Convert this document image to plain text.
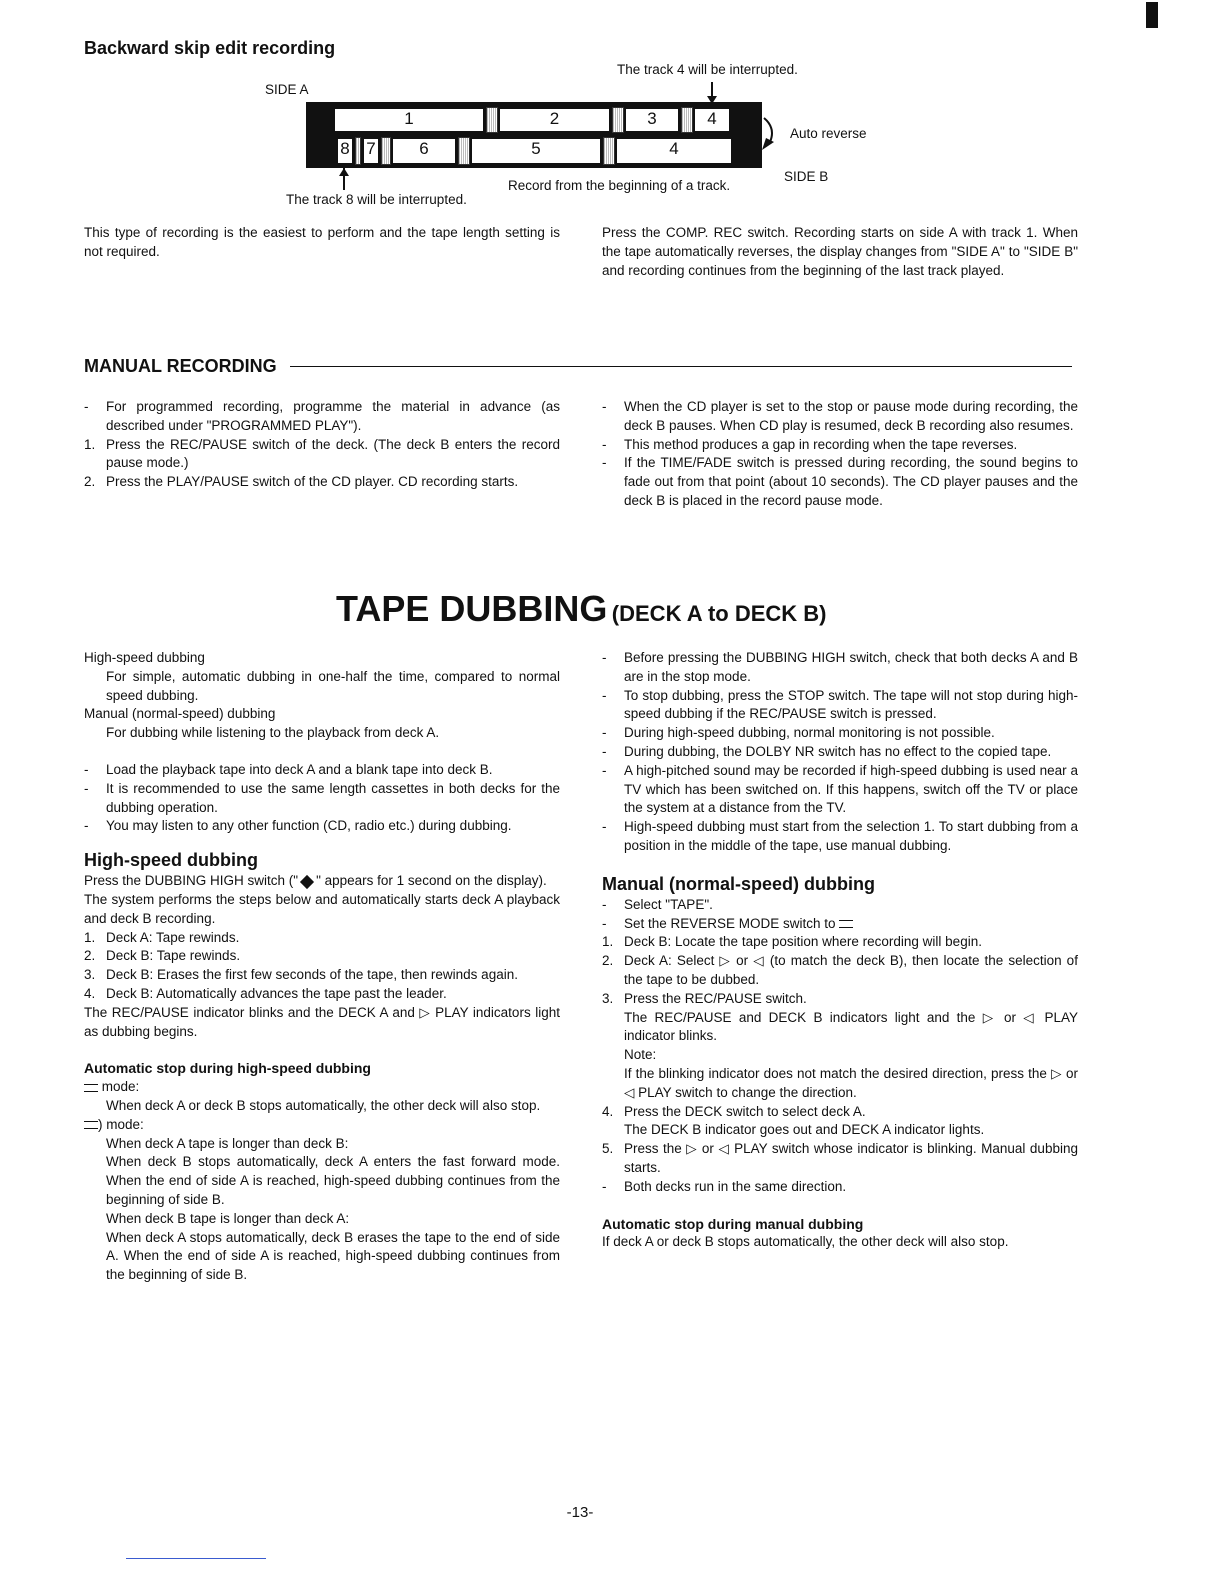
Backward skip edit recording
SIDE A
The track 4 will be interrupted.
1	2	3	4
8 7	6	5	4
Auto reverse
SIDE B
Record from the beginning of a track.
The track 8 will be interrupted.
This type of recording is the easiest to perform and the tape length setting is not required.
Press the COMP. REC switch. Recording starts on side A with track 1. When the tape automatically reverses, the display changes from "SIDE A" to "SIDE B" and recording continues from the beginning of the last track played.
MANUAL RECORDING
- For programmed recording, programme the material in advance (as described under "PROGRAMMED PLAY").
1. Press the REC/PAUSE switch of the deck. (The deck B enters the record pause mode.)
2. Press the PLAY/PAUSE switch of the CD player. CD recording starts.
- When the CD player is set to the stop or pause mode during recording, the deck B pauses. When CD play is resumed, deck B recording also resumes.
- This method produces a gap in recording when the tape reverses.
- If the TIME/FADE switch is pressed during recording, the sound begins to fade out from that point (about 10 seconds). The CD player pauses and the deck B is placed in the record pause mode.
TAPE DUBBING (DECK A to DECK B)
High-speed dubbing
For simple, automatic dubbing in one-half the time, compared to normal speed dubbing.
Manual (normal-speed) dubbing
For dubbing while listening to the playback from deck A.
- Load the playback tape into deck A and a blank tape into deck B.
- It is recommended to use the same length cassettes in both decks for the dubbing operation.
- You may listen to any other function (CD, radio etc.) during dubbing.
High-speed dubbing
Press the DUBBING HIGH switch (" " appears for 1 second on the display).
The system performs the steps below and automatically starts deck A playback and deck B recording.
1. Deck A: Tape rewinds.
2. Deck B: Tape rewinds.
3. Deck B: Erases the first few seconds of the tape, then rewinds again.
4. Deck B: Automatically advances the tape past the leader.
The REC/PAUSE indicator blinks and the DECK A and ▷ PLAY indicators light as dubbing begins.
Automatic stop during high-speed dubbing
mode:
When deck A or deck B stops automatically, the other deck will also stop.
) mode:
When deck A tape is longer than deck B:
When deck B stops automatically, deck A enters the fast forward mode. When the end of side A is reached, high-speed dubbing continues from the beginning of side B.
When deck B tape is longer than deck A:
When deck A stops automatically, deck B erases the tape to the end of side A. When the end of side A is reached, high-speed dubbing continues from the beginning of side B.
- Before pressing the DUBBING HIGH switch, check that both decks A and B are in the stop mode.
- To stop dubbing, press the STOP switch. The tape will not stop during high-speed dubbing if the REC/PAUSE switch is pressed.
- During high-speed dubbing, normal monitoring is not possible.
- During dubbing, the DOLBY NR switch has no effect to the copied tape.
- A high-pitched sound may be recorded if high-speed dubbing is used near a TV which has been switched on. If this happens, switch off the TV or place the system at a distance from the TV.
- High-speed dubbing must start from the selection 1. To start dubbing from a position in the middle of the tape, use manual dubbing.
Manual (normal-speed) dubbing
- Select "TAPE".
- Set the REVERSE MODE switch to
1. Deck B: Locate the tape position where recording will begin.
2. Deck A: Select ▷ or ◁ (to match the deck B), then locate the selection of the tape to be dubbed.
3. Press the REC/PAUSE switch.
The REC/PAUSE and DECK B indicators light and the ▷ or ◁ PLAY indicator blinks.
Note:
If the blinking indicator does not match the desired direction, press the ▷ or ◁ PLAY switch to change the direction.
4. Press the DECK switch to select deck A.
The DECK B indicator goes out and DECK A indicator lights.
5. Press the ▷ or ◁ PLAY switch whose indicator is blinking. Manual dubbing starts.
- Both decks run in the same direction.
Automatic stop during manual dubbing
If deck A or deck B stops automatically, the other deck will also stop.
-13-
